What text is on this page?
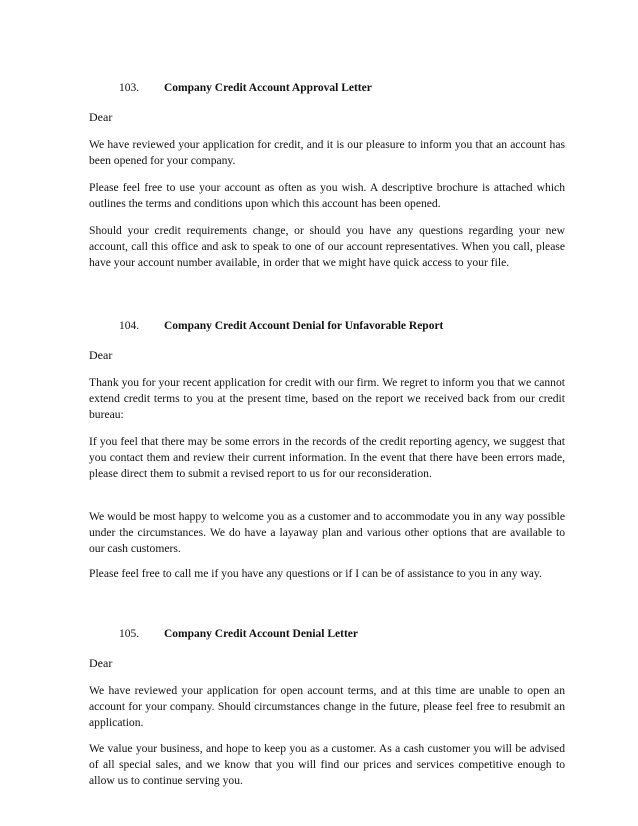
103. Company Credit Account Approval Letter
Dear
We have reviewed your application for credit, and it is our pleasure to inform you that an account has been opened for your company.
Please feel free to use your account as often as you wish. A descriptive brochure is attached which outlines the terms and conditions upon which this account has been opened.
Should your credit requirements change, or should you have any questions regarding your new account, call this office and ask to speak to one of our account representatives. When you call, please have your account number available, in order that we might have quick access to your file.
104. Company Credit Account Denial for Unfavorable Report
Dear
Thank you for your recent application for credit with our firm. We regret to inform you that we cannot extend credit terms to you at the present time, based on the report we received back from our credit bureau:
If you feel that there may be some errors in the records of the credit reporting agency, we suggest that you contact them and review their current information. In the event that there have been errors made, please direct them to submit a revised report to us for our reconsideration.
We would be most happy to welcome you as a customer and to accommodate you in any way possible under the circumstances. We do have a layaway plan and various other options that are available to our cash customers.
Please feel free to call me if you have any questions or if I can be of assistance to you in any way.
105. Company Credit Account Denial Letter
Dear
We have reviewed your application for open account terms, and at this time are unable to open an account for your company. Should circumstances change in the future, please feel free to resubmit an application.
We value your business, and hope to keep you as a customer. As a cash customer you will be advised of all special sales, and we know that you will find our prices and services competitive enough to allow us to continue serving you.
